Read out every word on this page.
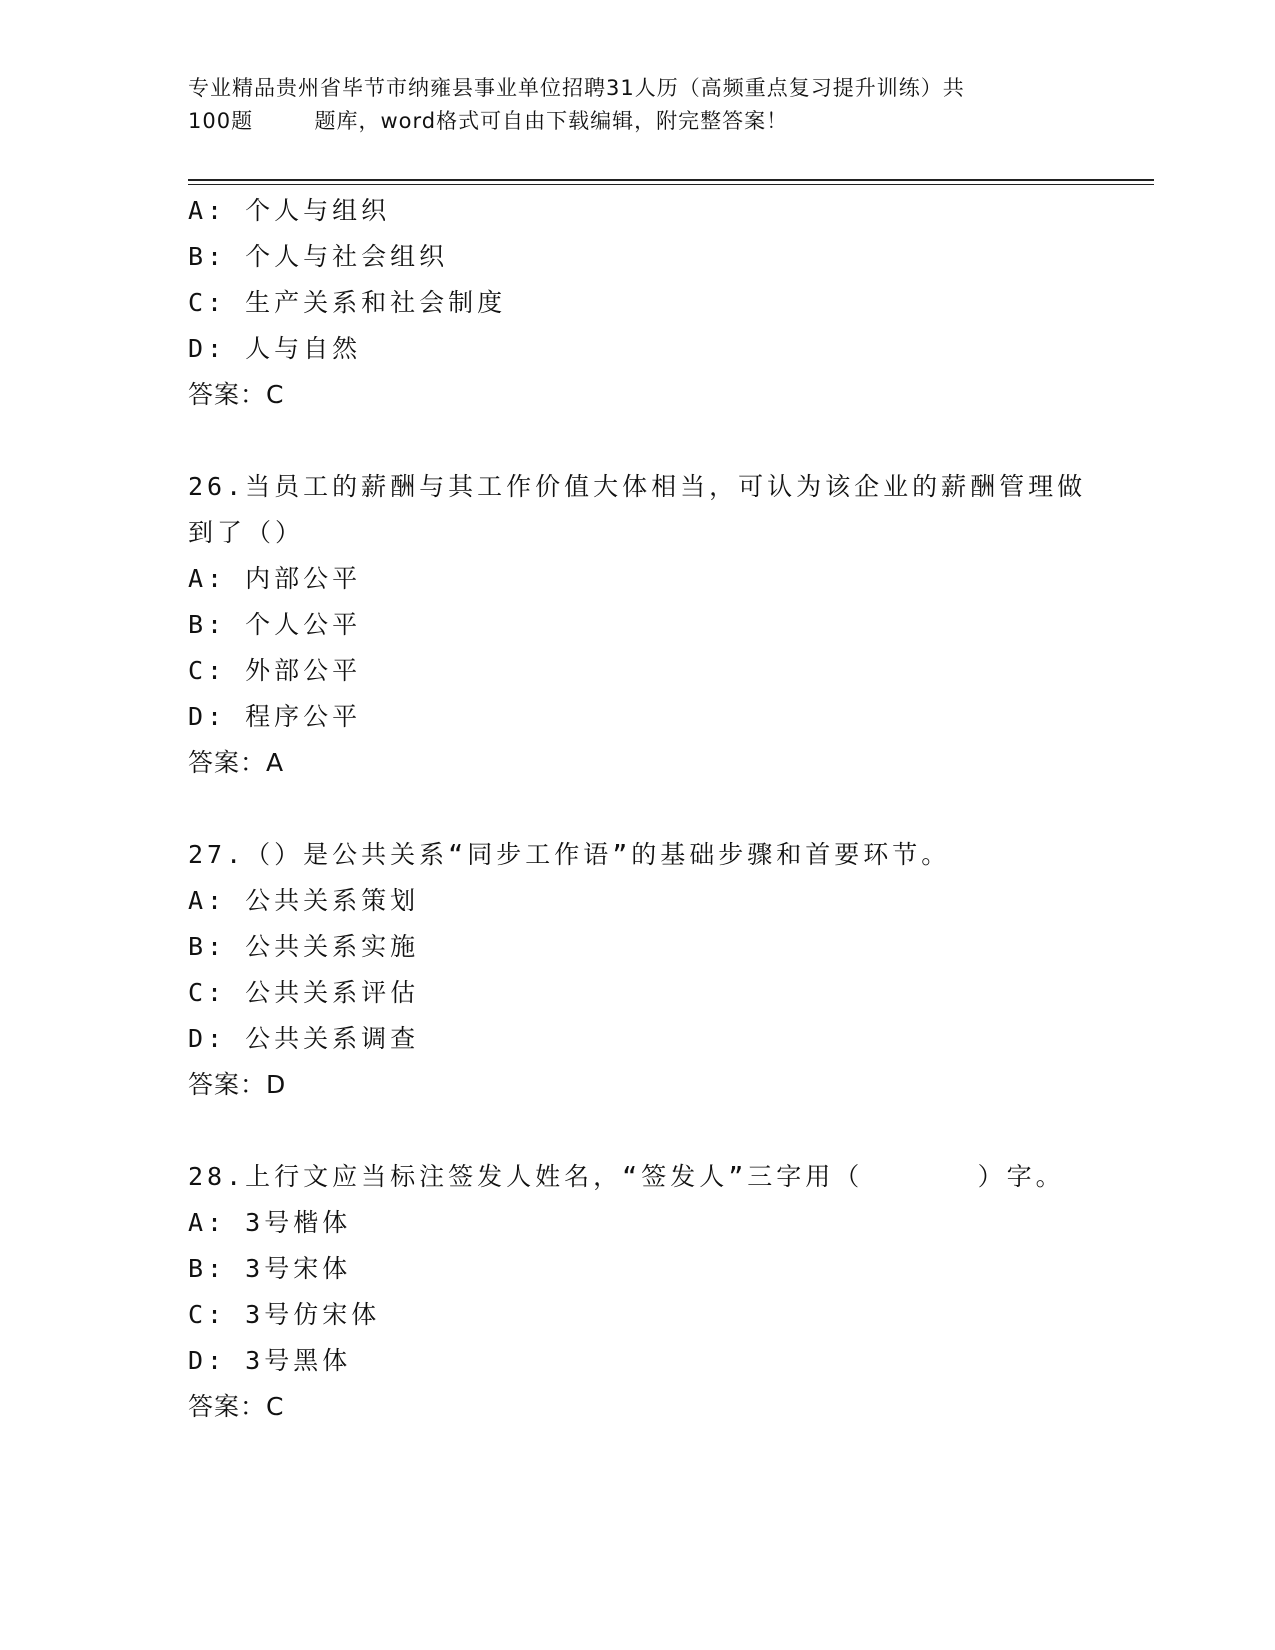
专业精品贵州省毕节市纳雍县事业单位招聘31人历（高频重点复习提升训练）共
100题        题库，word格式可自由下载编辑，附完整答案！
A: 个人与组织
B: 个人与社会组织
C: 生产关系和社会制度
D: 人与自然
答案：C
26.当员工的薪酬与其工作价值大体相当，可认为该企业的薪酬管理做
到了（）
A: 内部公平
B: 个人公平
C: 外部公平
D: 程序公平
答案：A
27.（）是公共关系“同步工作语”的基础步骤和首要环节。
A: 公共关系策划
B: 公共关系实施
C: 公共关系评估
D: 公共关系调查
答案：D
28.上行文应当标注签发人姓名，“签发人”三字用（      ）字。
A: 3号楷体
B: 3号宋体
C: 3号仿宋体
D: 3号黑体
答案：C
